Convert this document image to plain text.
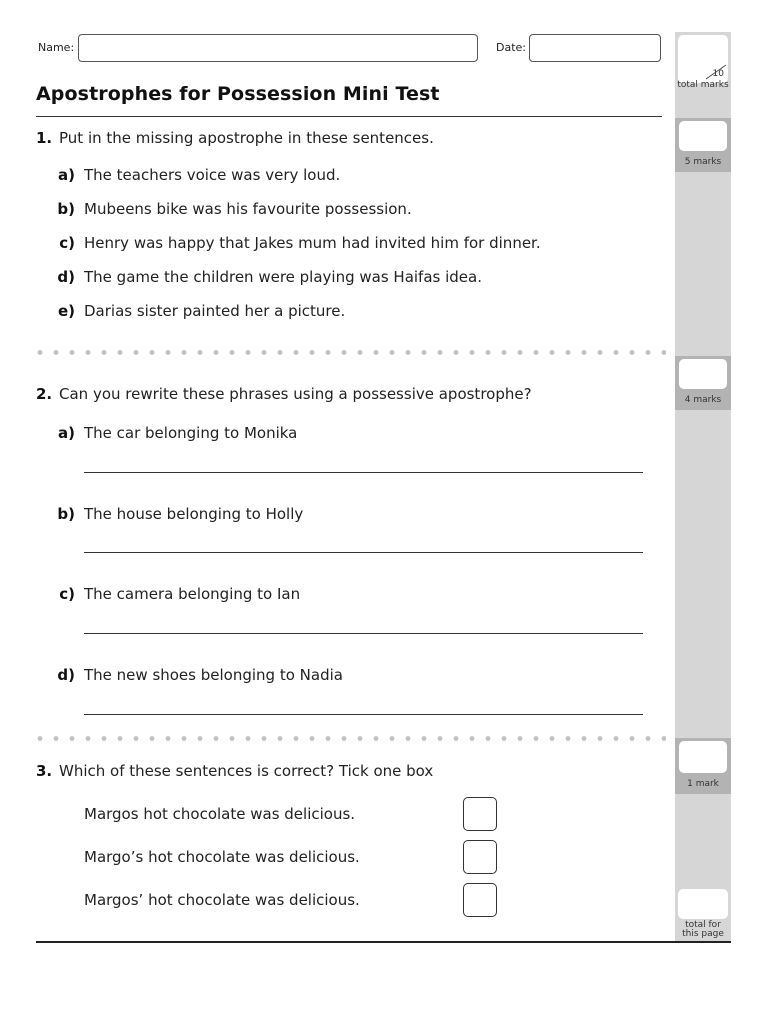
Name:	Date:
Apostrophes for Possession Mini Test
1. Put in the missing apostrophe in these sentences.
a) The teachers voice was very loud.
b) Mubeens bike was his favourite possession.
c) Henry was happy that Jakes mum had invited him for dinner.
d) The game the children were playing was Haifas idea.
e) Darias sister painted her a picture.
2. Can you rewrite these phrases using a possessive apostrophe?
a) The car belonging to Monika
b) The house belonging to Holly
c) The camera belonging to Ian
d) The new shoes belonging to Nadia
3. Which of these sentences is correct? Tick one box
Margos hot chocolate was delicious.
Margo’s hot chocolate was delicious.
Margos’ hot chocolate was delicious.
10
total marks
5 marks
4 marks
1 mark
total for
this page
